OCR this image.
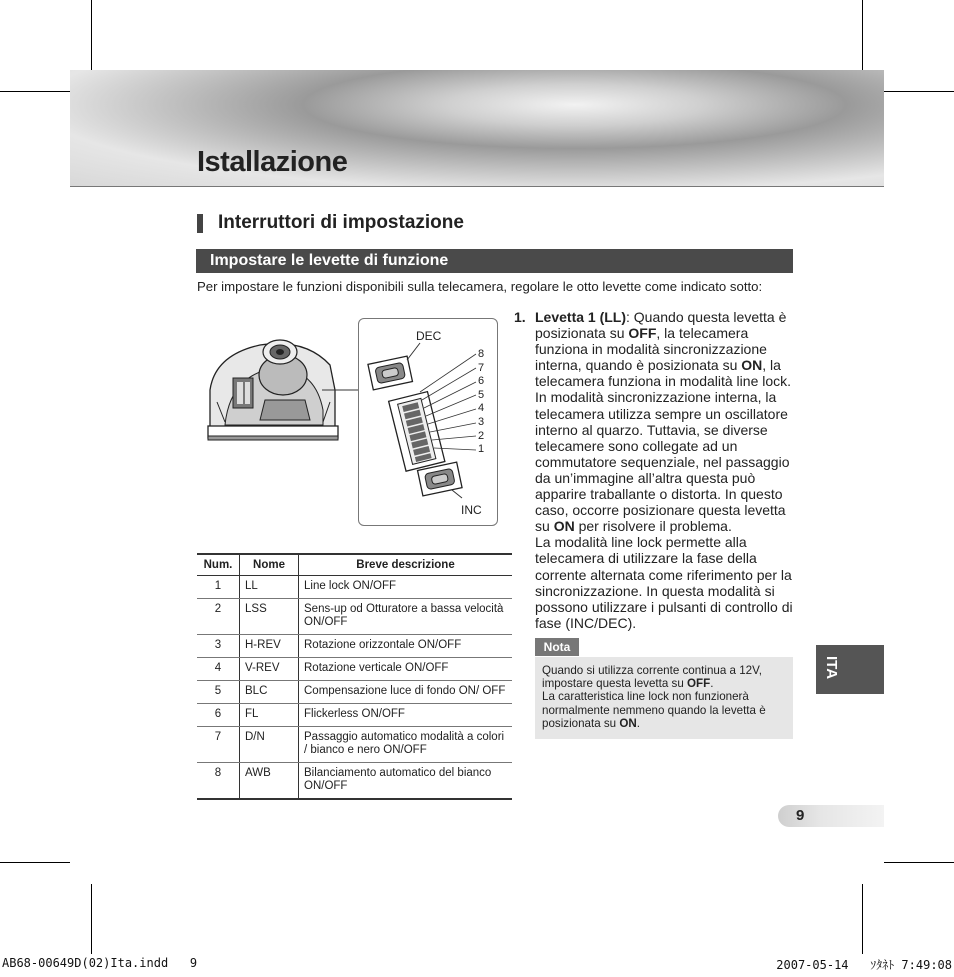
Istallazione
Interruttori di impostazione
Impostare le levette di funzione
Per impostare le funzioni disponibili sulla telecamera, regolare le otto levette come indicato sotto:
DEC
INC
8
7
6
5
4
3
2
1
Num.	Nome	Breve descrizione
1	LL	Line lock ON/OFF
2	LSS	Sens-up od Otturatore a bassa velocità ON/OFF
3	H-REV	Rotazione orizzontale ON/OFF
4	V-REV	Rotazione verticale ON/OFF
5	BLC	Compensazione luce di fondo ON/ OFF
6	FL	Flickerless ON/OFF
7	D/N	Passaggio automatico modalità a colori / bianco e nero ON/OFF
8	AWB	Bilanciamento automatico del bianco ON/OFF
1. Levetta 1 (LL): Quando questa levetta è posizionata su OFF, la telecamera funziona in modalità sincronizzazione interna, quando è posizionata su ON, la telecamera funziona in modalità line lock. In modalità sincronizzazione interna, la telecamera utilizza sempre un oscillatore interno al quarzo. Tuttavia, se diverse telecamere sono collegate ad un commutatore sequenziale, nel passaggio da un’immagine all’altra questa può apparire traballante o distorta. In questo caso, occorre posizionare questa levetta su ON per risolvere il problema.
La modalità line lock permette alla telecamera di utilizzare la fase della corrente alternata come riferimento per la sincronizzazione. In questa modalità si possono utilizzare i pulsanti di controllo di fase (INC/DEC).
Nota
Quando si utilizza corrente continua a 12V, impostare questa levetta su OFF.
La caratteristica line lock non funzionerà normalmente nemmeno quando la levetta è posizionata su ON.
ITA
9
AB68-00649D(02)Ita.indd   9	2007-05-14   ｿﾀﾈﾄ 7:49:08
